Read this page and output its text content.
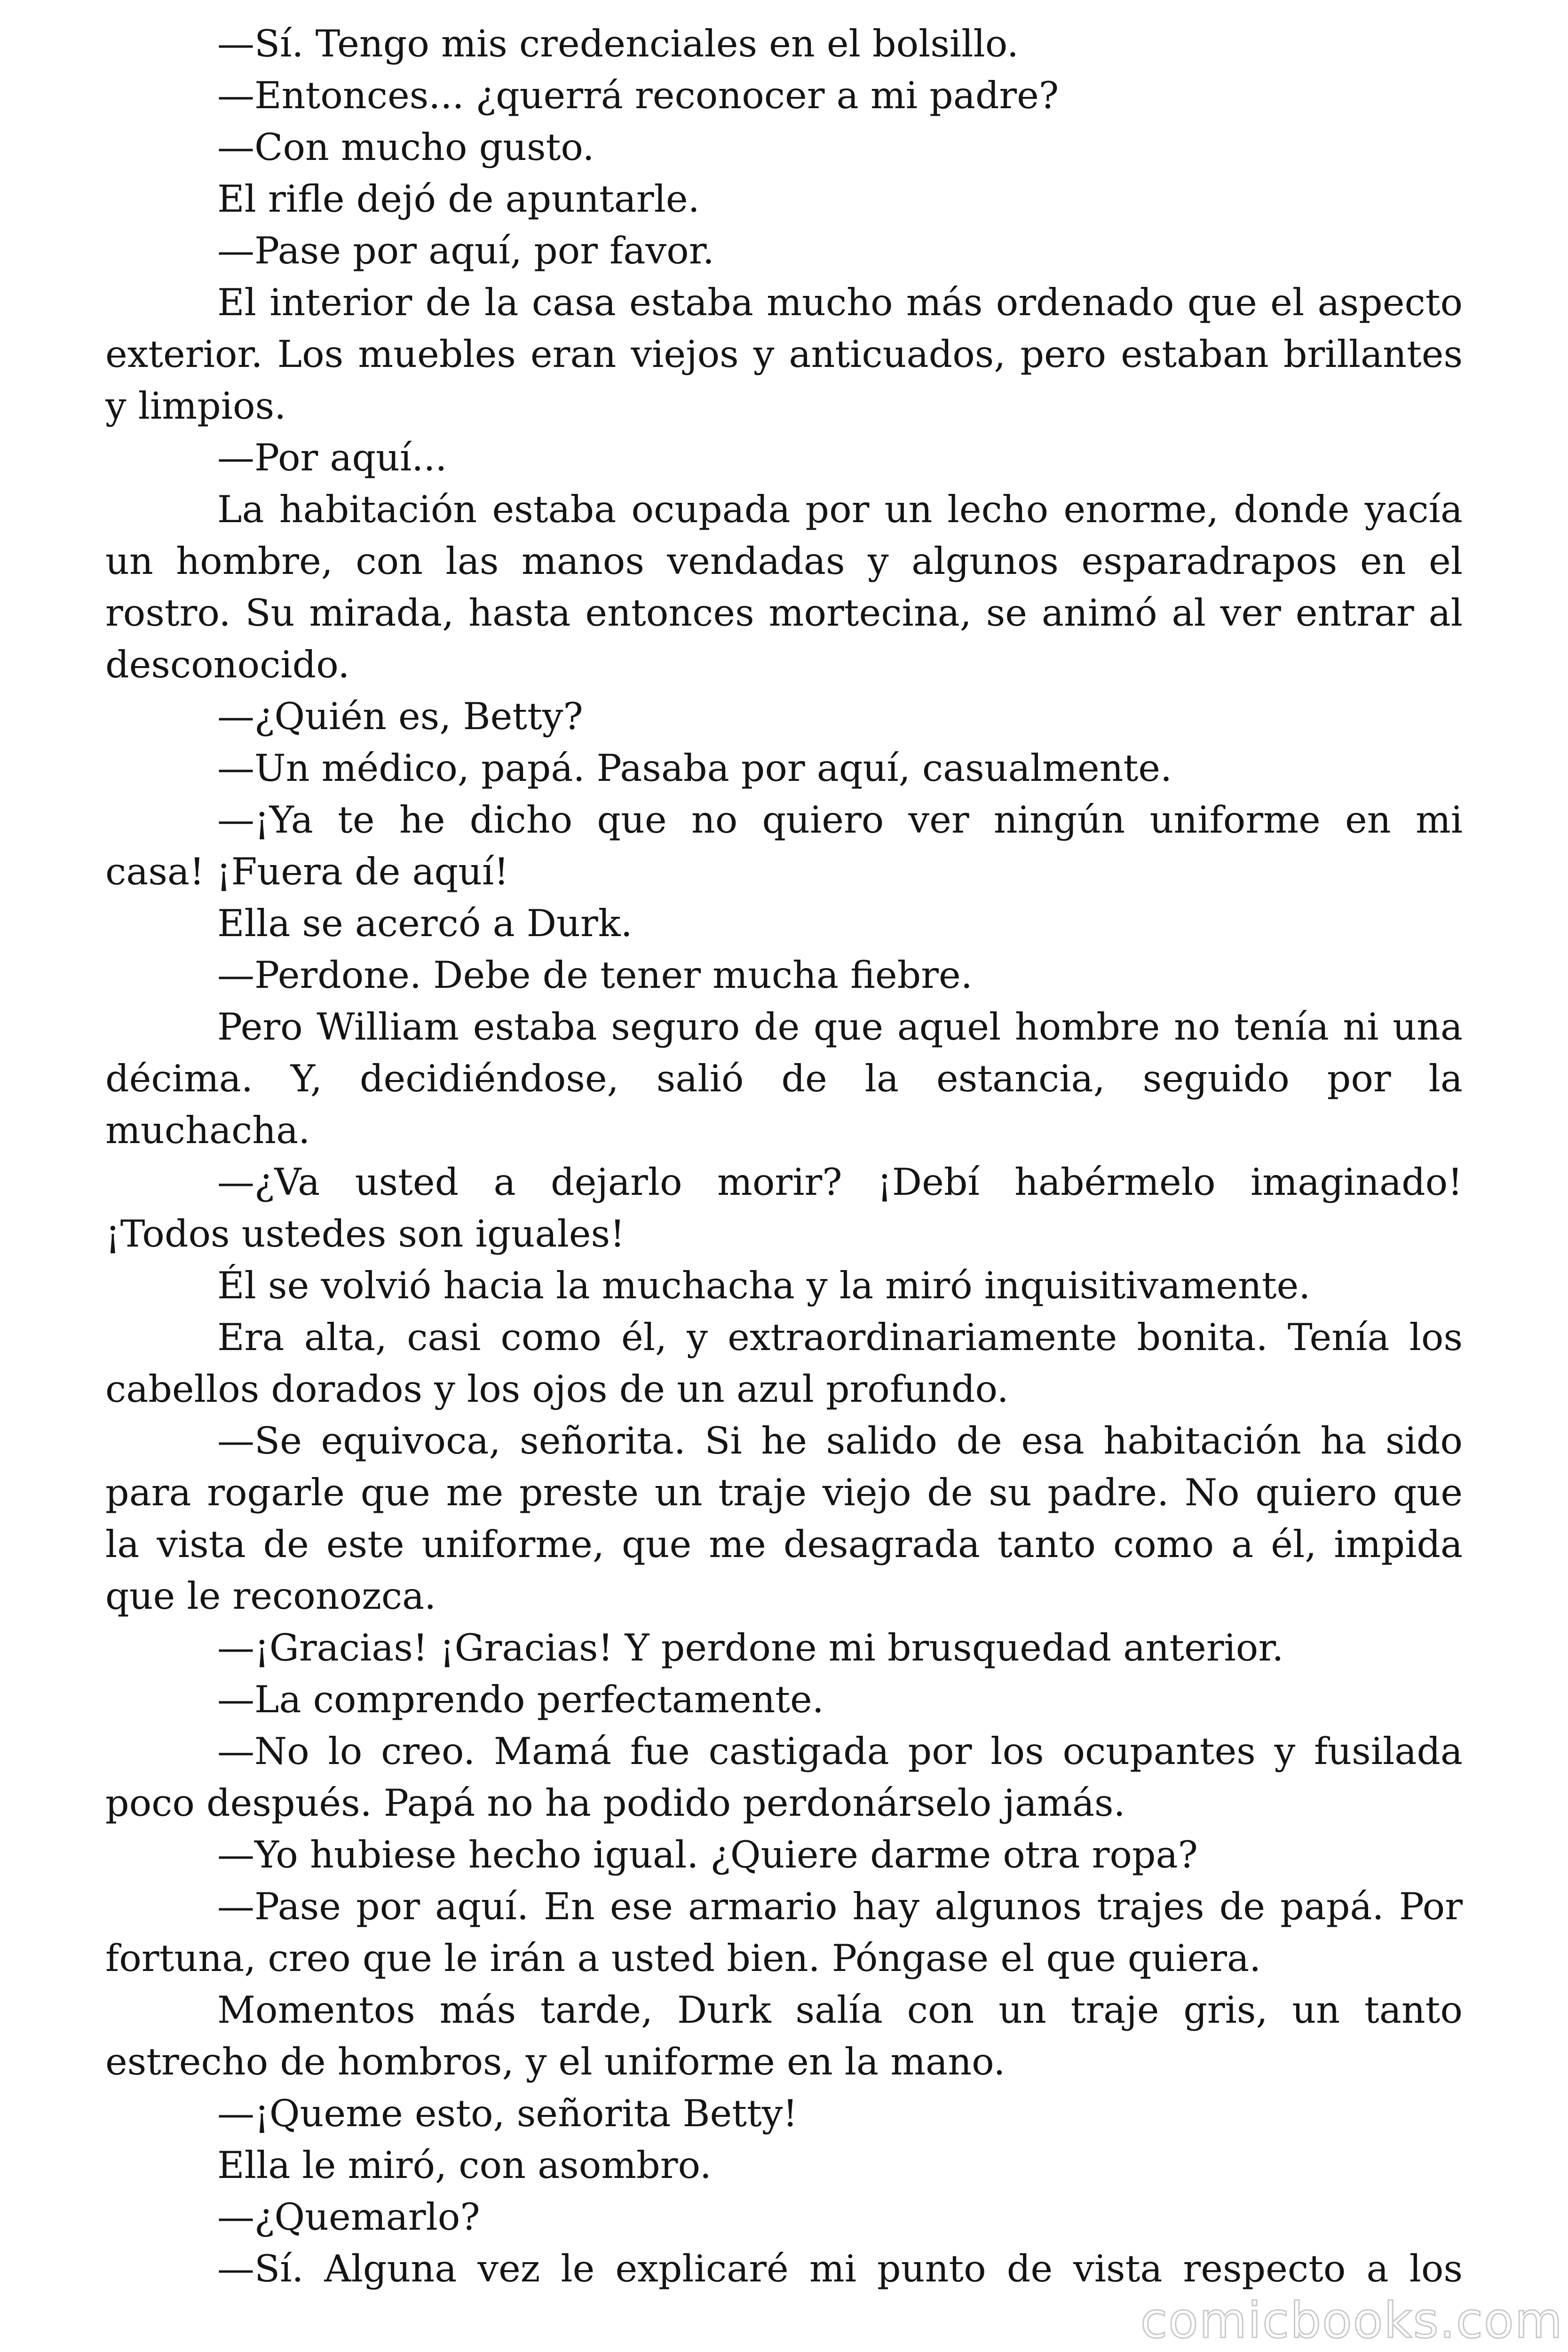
—Sí. Tengo mis credenciales en el bolsillo.
—Entonces... ¿querrá reconocer a mi padre?
—Con mucho gusto.
El rifle dejó de apuntarle.
—Pase por aquí, por favor.
El interior de la casa estaba mucho más ordenado que el aspecto
exterior. Los muebles eran viejos y anticuados, pero estaban brillantes
y limpios.
—Por aquí...
La habitación estaba ocupada por un lecho enorme, donde yacía
un hombre, con las manos vendadas y algunos esparadrapos en el
rostro. Su mirada, hasta entonces mortecina, se animó al ver entrar al
desconocido.
—¿Quién es, Betty?
—Un médico, papá. Pasaba por aquí, casualmente.
—¡Ya te he dicho que no quiero ver ningún uniforme en mi
casa! ¡Fuera de aquí!
Ella se acercó a Durk.
—Perdone. Debe de tener mucha fiebre.
Pero William estaba seguro de que aquel hombre no tenía ni una
décima. Y, decidiéndose, salió de la estancia, seguido por la
muchacha.
—¿Va usted a dejarlo morir? ¡Debí habérmelo imaginado!
¡Todos ustedes son iguales!
Él se volvió hacia la muchacha y la miró inquisitivamente.
Era alta, casi como él, y extraordinariamente bonita. Tenía los
cabellos dorados y los ojos de un azul profundo.
—Se equivoca, señorita. Si he salido de esa habitación ha sido
para rogarle que me preste un traje viejo de su padre. No quiero que
la vista de este uniforme, que me desagrada tanto como a él, impida
que le reconozca.
—¡Gracias! ¡Gracias! Y perdone mi brusquedad anterior.
—La comprendo perfectamente.
—No lo creo. Mamá fue castigada por los ocupantes y fusilada
poco después. Papá no ha podido perdonárselo jamás.
—Yo hubiese hecho igual. ¿Quiere darme otra ropa?
—Pase por aquí. En ese armario hay algunos trajes de papá. Por
fortuna, creo que le irán a usted bien. Póngase el que quiera.
Momentos más tarde, Durk salía con un traje gris, un tanto
estrecho de hombros, y el uniforme en la mano.
—¡Queme esto, señorita Betty!
Ella le miró, con asombro.
—¿Quemarlo?
—Sí. Alguna vez le explicaré mi punto de vista respecto a los
comicbooks.com
